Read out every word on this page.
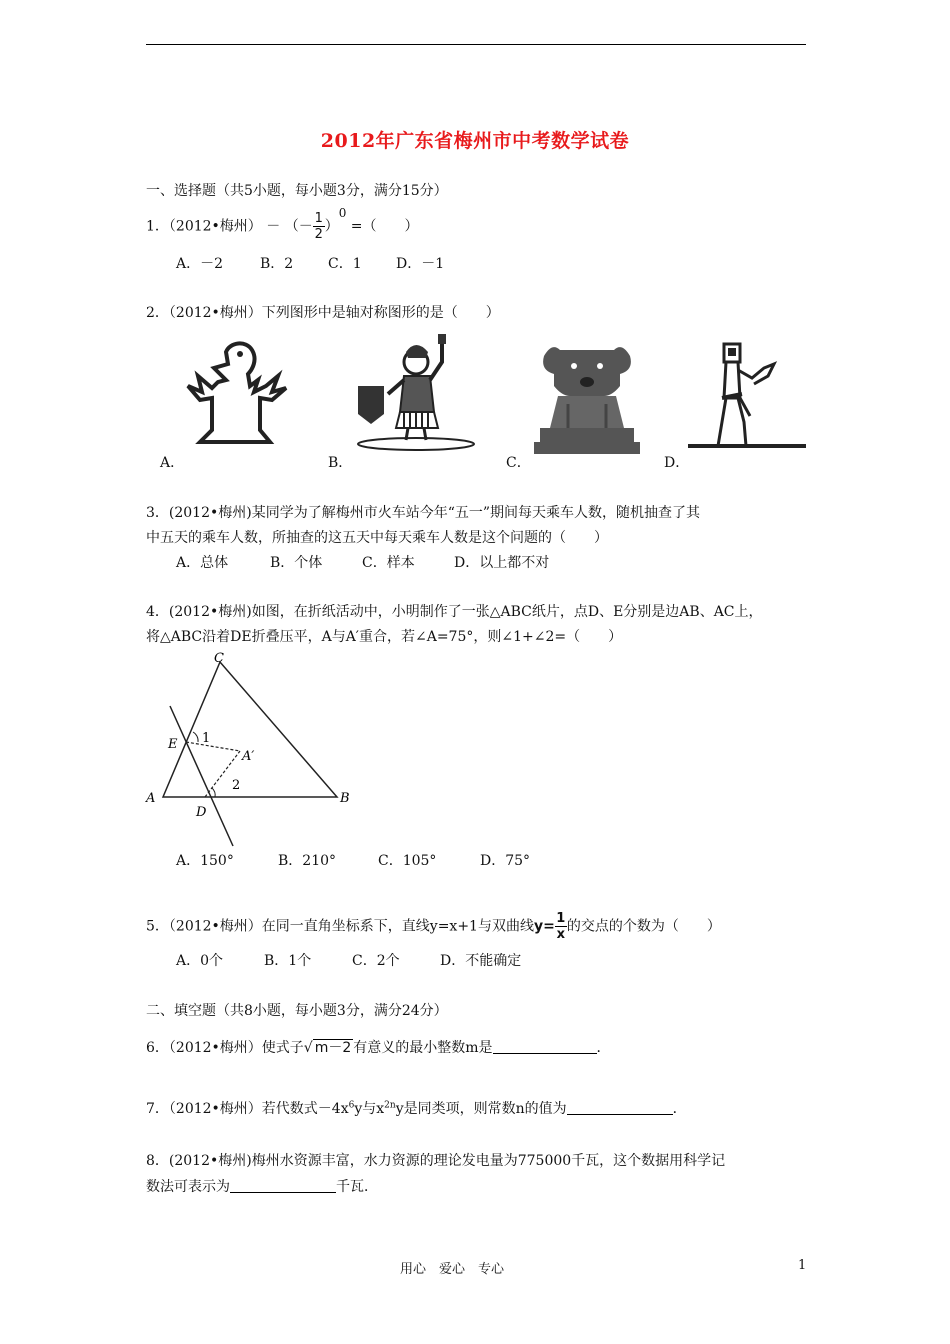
2012年广东省梅州市中考数学试卷
一、选择题（共5小题，每小题3分，满分15分）
1．（2012•梅州） － （－ $\frac{1}{2} )^0$ =（　　）
A．－2	B．2 C．1 D．－1
2．（2012•梅州）下列图形中是轴对称图形的是（　　）
A．	B．	C．	D．
3．(2012•梅州)某同学为了解梅州市火车站今年“五一”期间每天乘车人数，随机抽查了其
中五天的乘车人数，所抽查的这五天中每天乘车人数是这个问题的（　　）
A．总体	B．个体	C．样本	D．以上都不对
4．(2012•梅州)如图，在折纸活动中，小明制作了一张△ABC纸片，点D、E分别是边AB、AC上，
将△ABC沿着DE折叠压平，A与A′重合，若∠A=75°，则∠1+∠2=（　　）
C
E 1
A′
2
A
D
B
A．150°	B．210°	C．105°	D．75°
5．（2012•梅州）在同一直角坐标系下，直线y=x+1与双曲线$y= \frac{1}{x}$ 的交点的个数为（　　）
A．0个	B．1个	C．2个	D．不能确定
二、填空题（共8小题，每小题3分，满分24分）
6．（2012•梅州）使式子√ m－2 有意义的最小整数m是	．
7．（2012•梅州）若代数式$-4x^6y$与$x^{2n}y$是同类项，则常数n的值为	．
8．(2012•梅州)梅州水资源丰富，水力资源的理论发电量为775000千瓦，这个数据用科学记
数法可表示为	千瓦．
用心　爱心　专心	1
